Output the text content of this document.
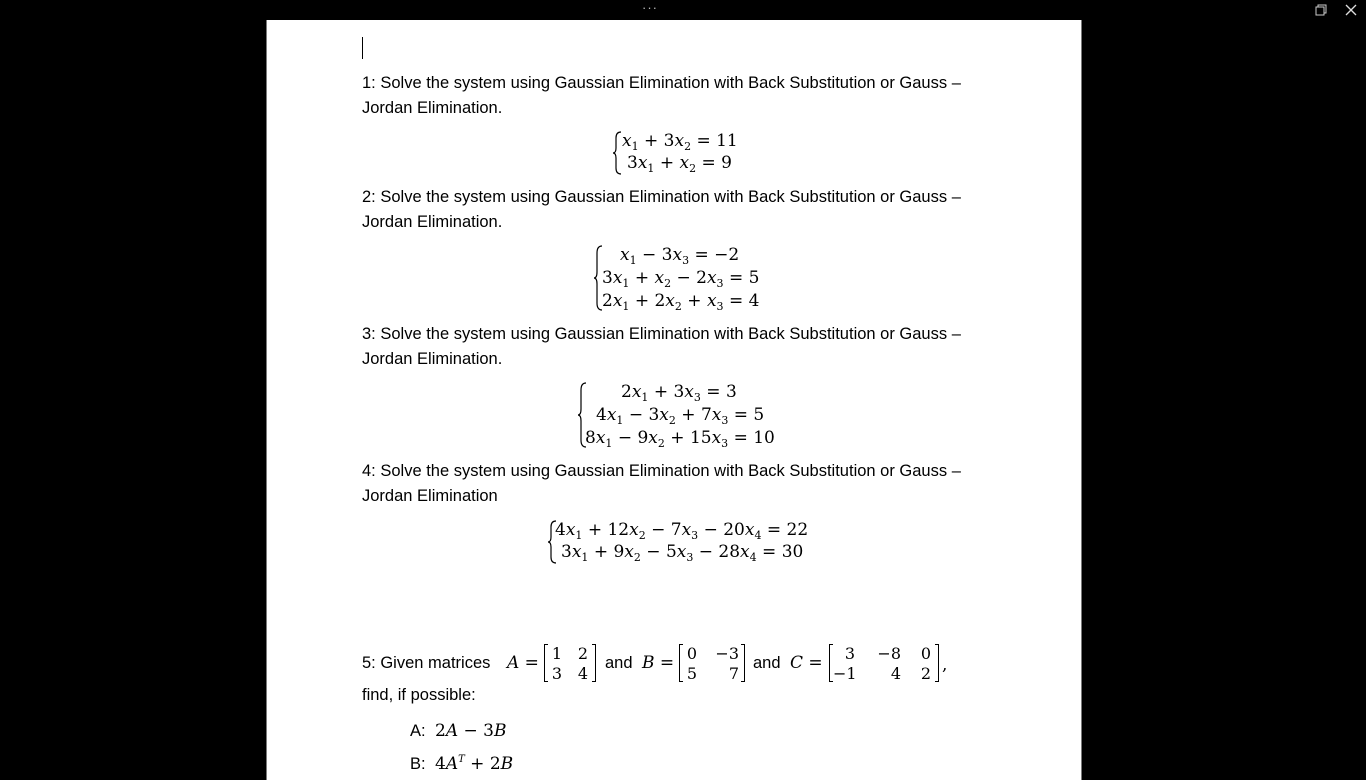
···
1: Solve the system using Gaussian Elimination with Back Substitution or Gauss – Jordan Elimination.
$x_1 + 3x_2 = 11$
$3x_1 + x_2 = 9$
2: Solve the system using Gaussian Elimination with Back Substitution or Gauss – Jordan Elimination.
$x_1 - 3x_3 = -2$
$3x_1 + x_2 - 2x_3 = 5$
$2x_1 + 2x_2 + x_3 = 4$
3: Solve the system using Gaussian Elimination with Back Substitution or Gauss – Jordan Elimination.
$2x_1 + 3x_3 = 3$
$4x_1 - 3x_2 + 7x_3 = 5$
$8x_1 - 9x_2 + 15x_3 = 10$
4: Solve the system using Gaussian Elimination with Back Substitution or Gauss – Jordan Elimination
$4x_1 + 12x_2 - 7x_3 - 20x_4 = 22$
$3x_1 + 9x_2 - 5x_3 - 28x_4 = 30$
5: Given matrices A = 1 2
3 4
and B = 0	−3
5	7
and C =	3 −8	0
−1	4	2 ,
find, if possible:
A: 2A − 3B
B: $4A^T + 2B$
